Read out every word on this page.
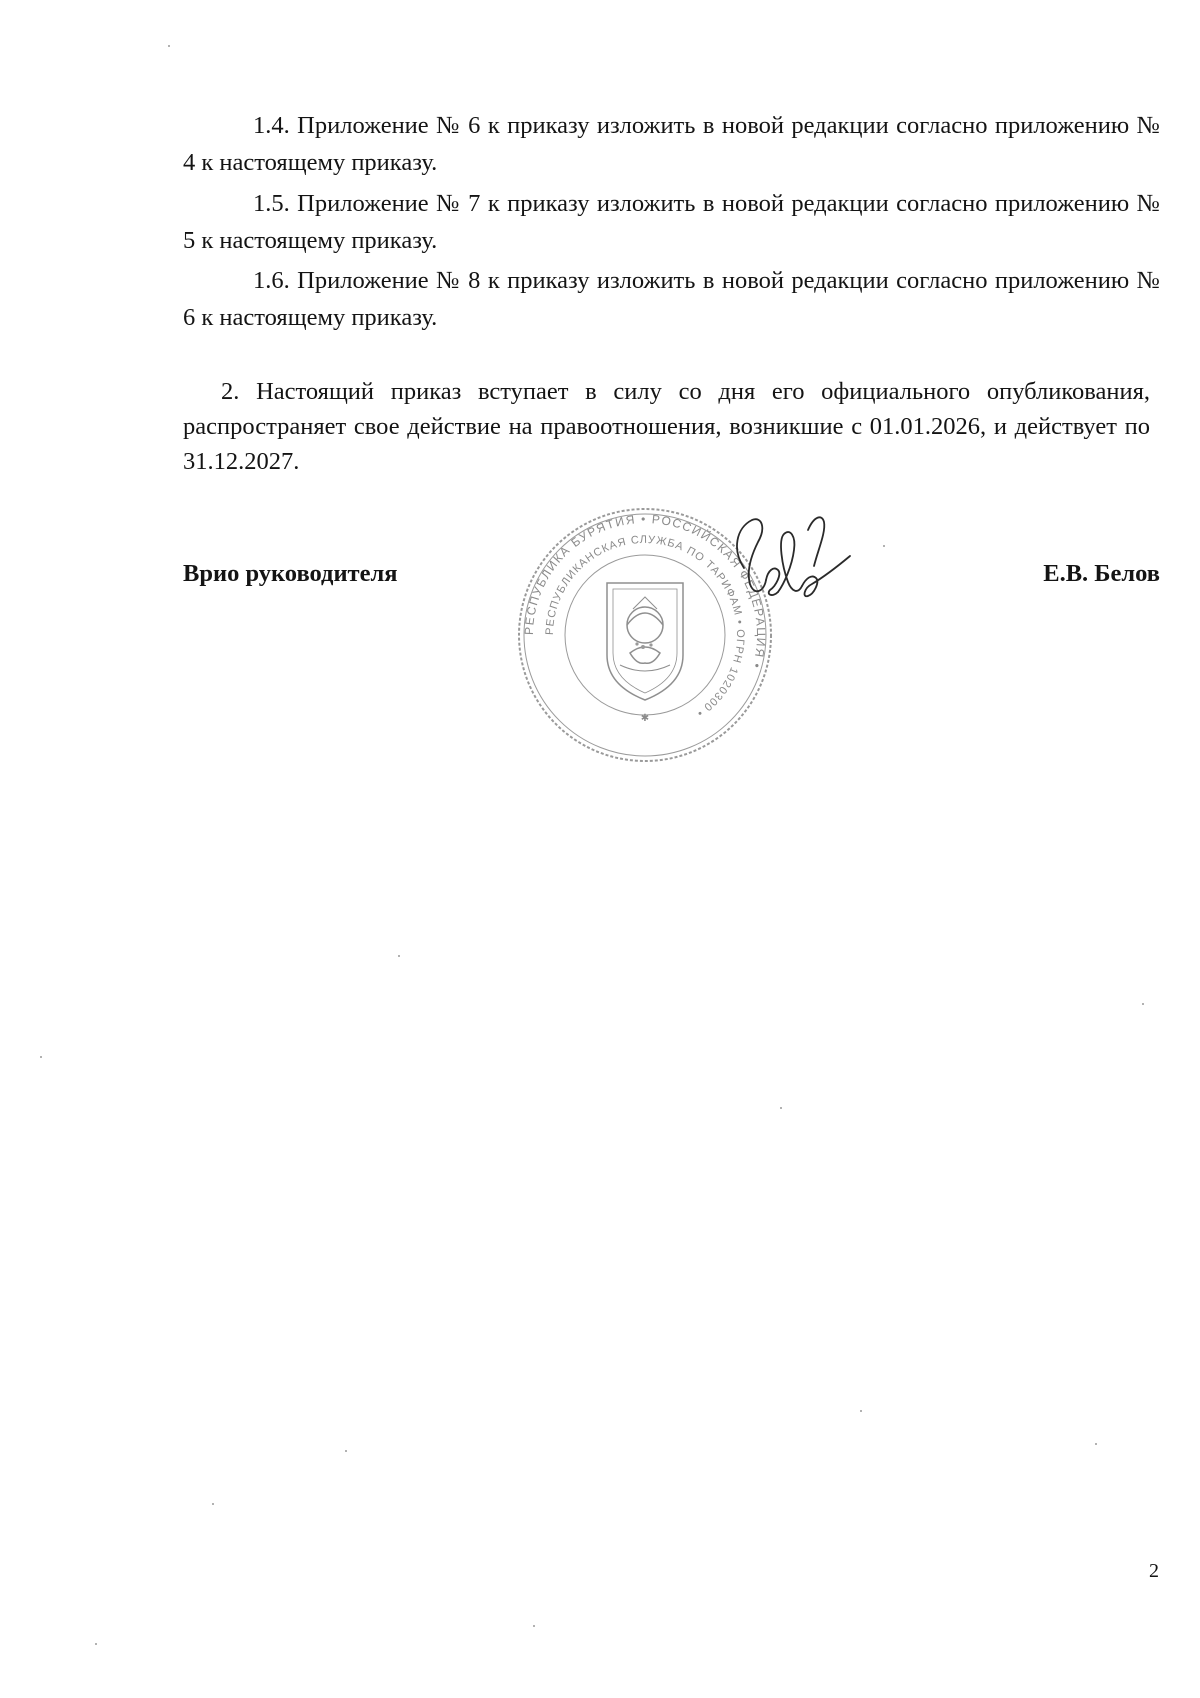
1.4. Приложение № 6 к приказу изложить в новой редакции согласно приложению № 4 к настоящему приказу.

1.5. Приложение № 7 к приказу изложить в новой редакции согласно приложению № 5 к настоящему приказу.

1.6. Приложение № 8 к приказу изложить в новой редакции согласно приложению № 6 к настоящему приказу.

2. Настоящий приказ вступает в силу со дня его официального опубликования, распространяет свое действие на правоотношения, возникшие с 01.01.2026, и действует по 31.12.2027.

Врио руководителя
РЕСПУБЛИКА БУРЯТИЯ • РОССИЙСКАЯ ФЕДЕРАЦИЯ •
РЕСПУБЛИКАНСКАЯ СЛУЖБА ПО ТАРИФАМ • ОГРН 1020300 •
✱
Е.В. Белов
2
